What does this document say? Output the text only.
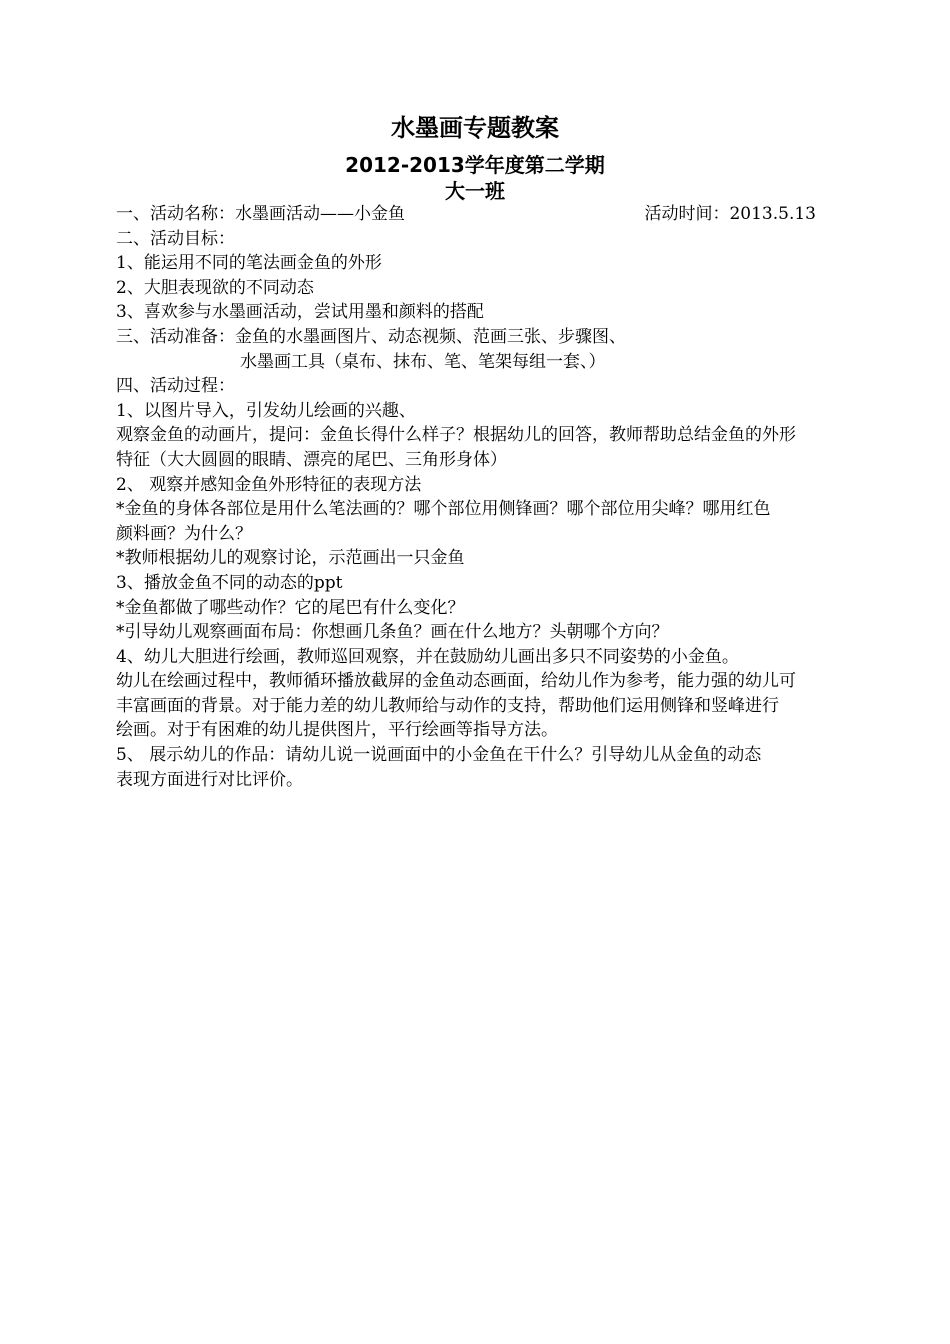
水墨画专题教案
2012-2013学年度第二学期
大一班
一、活动名称：水墨画活动——小金鱼	活动时间：2013.5.13
二、活动目标：
1、能运用不同的笔法画金鱼的外形
2、大胆表现欲的不同动态
3、喜欢参与水墨画活动，尝试用墨和颜料的搭配
三、活动准备：金鱼的水墨画图片、动态视频、范画三张、步骤图、
水墨画工具（桌布、抹布、笔、笔架每组一套、）
四、活动过程：
1、以图片导入，引发幼儿绘画的兴趣、
观察金鱼的动画片，提问：金鱼长得什么样子？根据幼儿的回答，教师帮助总结金鱼的外形
特征（大大圆圆的眼睛、漂亮的尾巴、三角形身体）
2、 观察并感知金鱼外形特征的表现方法
*金鱼的身体各部位是用什么笔法画的？哪个部位用侧锋画？哪个部位用尖峰？哪用红色
颜料画？为什么？
*教师根据幼儿的观察讨论，示范画出一只金鱼
3、播放金鱼不同的动态的ppt
*金鱼都做了哪些动作？它的尾巴有什么变化？
*引导幼儿观察画面布局：你想画几条鱼？画在什么地方？头朝哪个方向？
4、幼儿大胆进行绘画，教师巡回观察，并在鼓励幼儿画出多只不同姿势的小金鱼。
幼儿在绘画过程中，教师循环播放截屏的金鱼动态画面，给幼儿作为参考，能力强的幼儿可
丰富画面的背景。对于能力差的幼儿教师给与动作的支持，帮助他们运用侧锋和竖峰进行
绘画。对于有困难的幼儿提供图片，平行绘画等指导方法。
5、 展示幼儿的作品：请幼儿说一说画面中的小金鱼在干什么？引导幼儿从金鱼的动态
表现方面进行对比评价。
